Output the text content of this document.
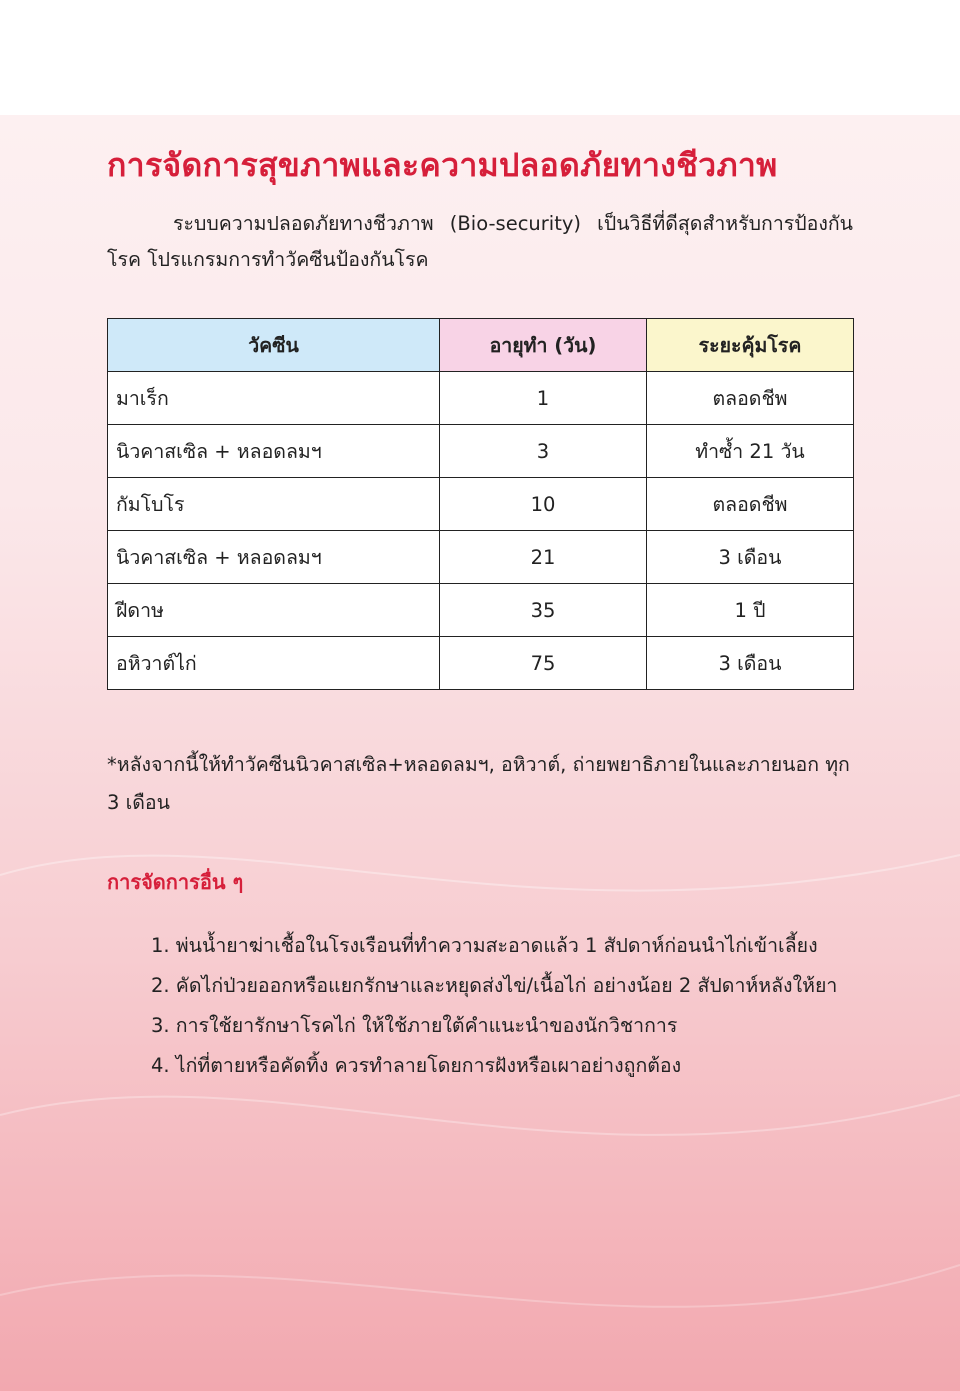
การจัดการสุขภาพและความปลอดภัยทางชีวภาพ

ระบบความปลอดภัยทางชีวภาพ (Bio-security) เป็นวิธีที่ดีสุดสำหรับการป้องกันโรค โปรแกรมการทำวัคซีนป้องกันโรค

วัคซีน	อายุทำ (วัน)	ระยะคุ้มโรค
มาเร็ก	1	ตลอดชีพ
นิวคาสเซิล + หลอดลมฯ	3	ทำซ้ำ 21 วัน
กัมโบโร	10	ตลอดชีพ
นิวคาสเซิล + หลอดลมฯ	21	3 เดือน
ฝีดาษ	35	1 ปี
อหิวาต์ไก่	75	3 เดือน

*หลังจากนี้ให้ทำวัคซีนนิวคาสเซิล+หลอดลมฯ, อหิวาต์, ถ่ายพยาธิภายในและภายนอก ทุก 3 เดือน

การจัดการอื่น ๆ
1. พ่นน้ำยาฆ่าเชื้อในโรงเรือนที่ทำความสะอาดแล้ว 1 สัปดาห์ก่อนนำไก่เข้าเลี้ยง
2. คัดไก่ป่วยออกหรือแยกรักษาและหยุดส่งไข่/เนื้อไก่ อย่างน้อย 2 สัปดาห์หลังให้ยา
3. การใช้ยารักษาโรคไก่ ให้ใช้ภายใต้คำแนะนำของนักวิชาการ
4. ไก่ที่ตายหรือคัดทิ้ง ควรทำลายโดยการฝังหรือเผาอย่างถูกต้อง
